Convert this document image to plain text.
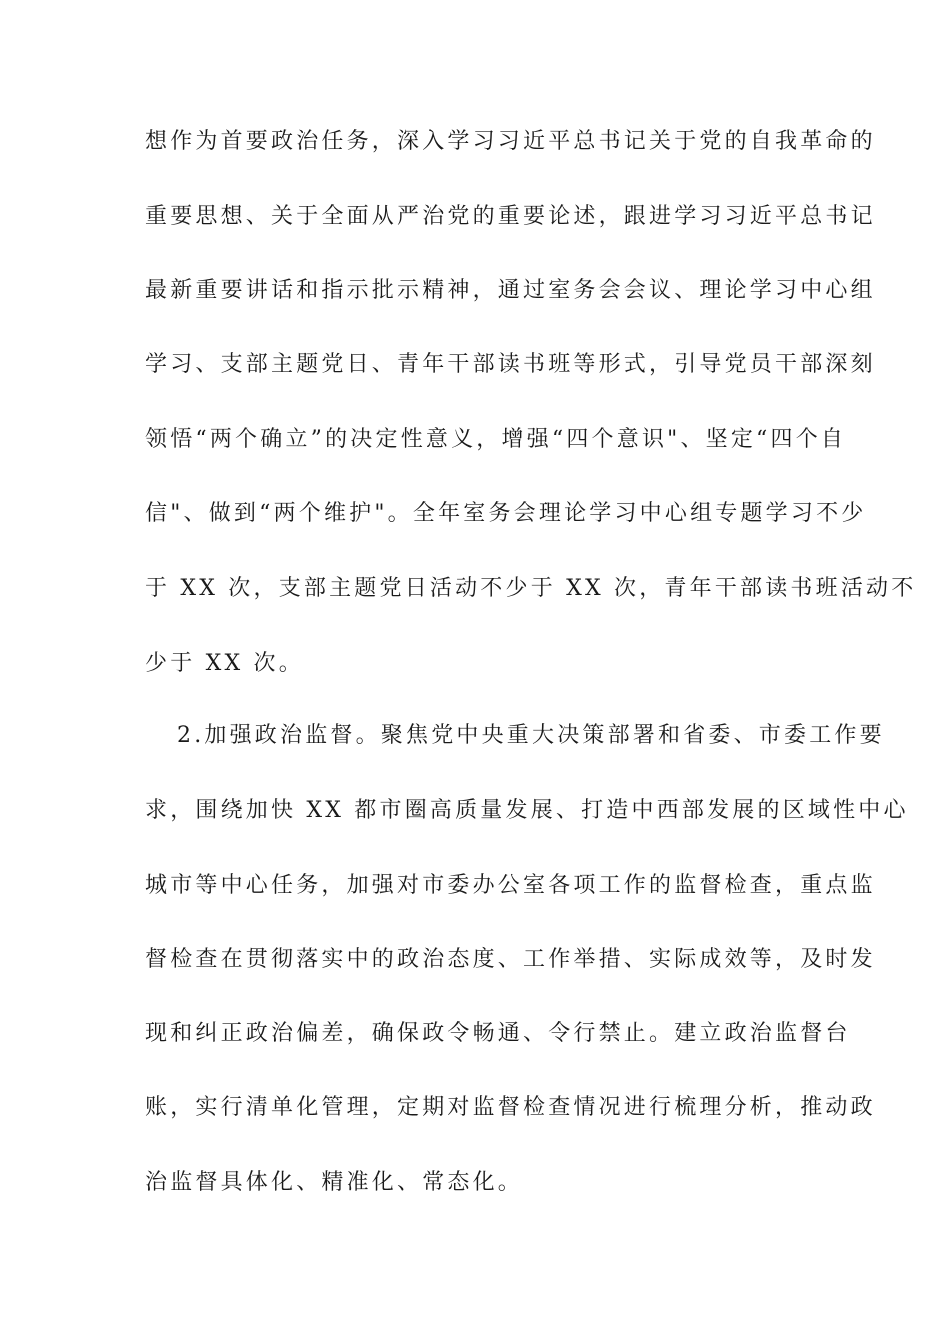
想作为首要政治任务，深入学习习近平总书记关于党的自我革命的
重要思想、关于全面从严治党的重要论述，跟进学习习近平总书记
最新重要讲话和指示批示精神，通过室务会会议、理论学习中心组
学习、支部主题党日、青年干部读书班等形式，引导党员干部深刻
领悟“两个确立”的决定性意义，增强“四个意识"、坚定“四个自
信"、做到“两个维护"。全年室务会理论学习中心组专题学习不少
于 XX 次，支部主题党日活动不少于 XX 次，青年干部读书班活动不
少于 XX 次。
2.加强政治监督。聚焦党中央重大决策部署和省委、市委工作要
求，围绕加快 XX 都市圈高质量发展、打造中西部发展的区域性中心
城市等中心任务，加强对市委办公室各项工作的监督检查，重点监
督检查在贯彻落实中的政治态度、工作举措、实际成效等，及时发
现和纠正政治偏差，确保政令畅通、令行禁止。建立政治监督台
账，实行清单化管理，定期对监督检查情况进行梳理分析，推动政
治监督具体化、精准化、常态化。
